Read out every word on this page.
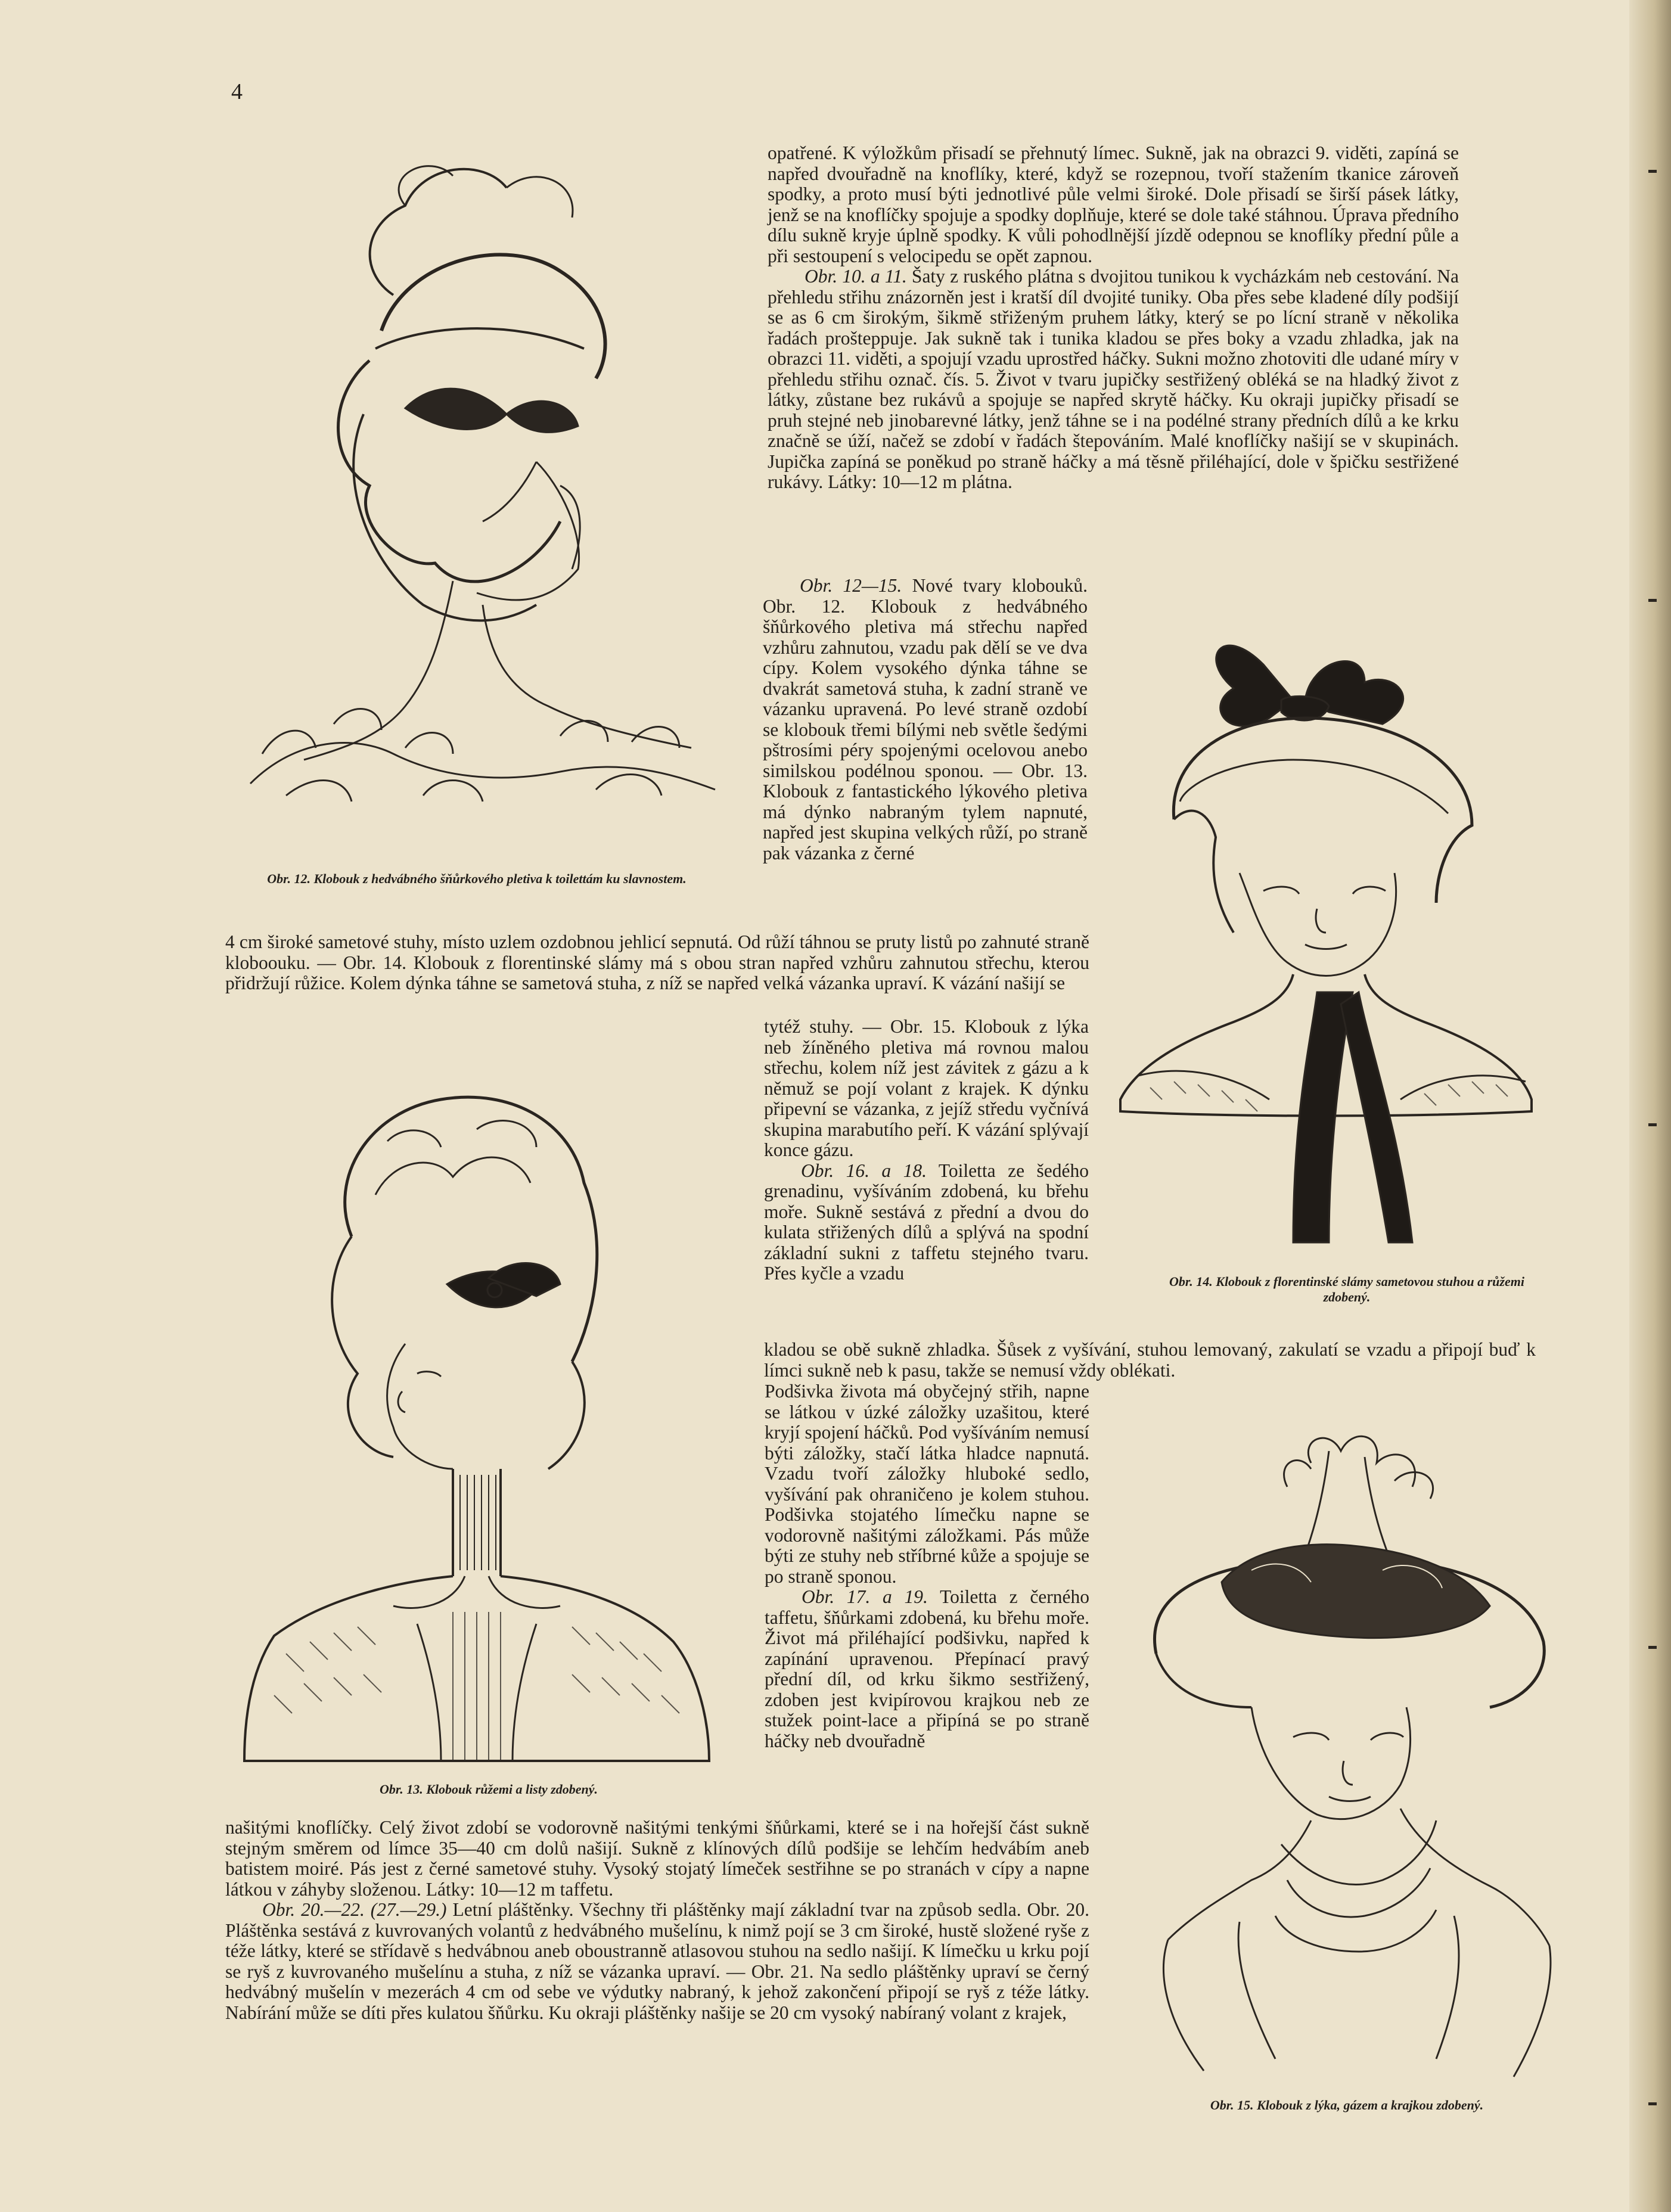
4
Obr. 12. Klobouk z hedvábného šňůrkového pletiva k toilettám ku slavnostem.
Obr. 14. Klobouk z florentinské slámy sametovou stuhou a růžemi zdobený.
Obr. 13. Klobouk růžemi a listy zdobený.
Obr. 15. Klobouk z lýka, gázem a krajkou zdobený.

opatřené. K výložkům přisadí se přehnutý límec. Sukně, jak na obrazci 9. viděti, zapíná se napřed dvouřadně na knoflíky, které, když se rozepnou, tvoří stažením tkanice zároveň spodky, a proto musí býti jednotlivé půle velmi široké. Dole přisadí se širší pásek látky, jenž se na knoflíčky spojuje a spodky doplňuje, které se dole také stáhnou. Úprava předního dílu sukně kryje úplně spodky. K vůli pohodlnější jízdě odepnou se knoflíky přední půle a při sestoupení s velocipedu se opět zapnou.

Obr. 10. a 11. Šaty z ruského plátna s dvojitou tunikou k vycházkám neb cestování. Na přehledu střihu znázorněn jest i kratší díl dvojité tuniky. Oba přes sebe kladené díly podšijí se as 6 cm širokým, šikmě střiženým pruhem látky, který se po lícní straně v několika řadách prošteppuje. Jak sukně tak i tunika kladou se přes boky a vzadu zhladka, jak na obrazci 11. viděti, a spojují vzadu uprostřed háčky. Sukni možno zhotoviti dle udané míry v přehledu střihu označ. čís. 5. Život v tvaru jupičky sestřižený obléká se na hladký život z látky, zůstane bez rukávů a spojuje se napřed skrytě háčky. Ku okraji jupičky přisadí se pruh stejné neb jinobarevné látky, jenž táhne se i na podélné strany předních dílů a ke krku značně se úží, načež se zdobí v řadách štepováním. Malé knoflíčky našijí se v skupinách. Jupička zapíná se poněkud po straně háčky a má těsně přiléhající, dole v špičku sestřižené rukávy. Látky: 10—12 m plátna.

Obr. 12—15. Nové tvary klobouků. Obr. 12. Klobouk z hedvábného šňůrkového pletiva má střechu napřed vzhůru zahnutou, vzadu pak dělí se ve dva cípy. Kolem vysokého dýnka táhne se dvakrát sametová stuha, k zadní straně ve vázanku upravená. Po levé straně ozdobí se klobouk třemi bílými neb světle šedými pštrosími péry spojenými ocelovou anebo similskou podélnou sponou. — Obr. 13. Klobouk z fantastického lýkového pletiva má dýnko nabraným tylem napnuté, napřed jest skupina velkých růží, po straně pak vázanka z černé

4 cm široké sametové stuhy, místo uzlem ozdobnou jehlicí sepnutá. Od růží táhnou se pruty listů po zahnuté straně kloboouku. — Obr. 14. Klobouk z florentinské slámy má s obou stran napřed vzhůru zahnutou střechu, kterou přidržují růžice. Kolem dýnka táhne se sametová stuha, z níž se napřed velká vázanka upraví. K vázání našijí se

tytéž stuhy. — Obr. 15. Klobouk z lýka neb žíněného pletiva má rovnou malou střechu, kolem níž jest závitek z gázu a k němuž se pojí volant z krajek. K dýnku připevní se vázanka, z jejíž středu vyčnívá skupina marabutího peří. K vázání splývají konce gázu.

Obr. 16. a 18. Toiletta ze šedého grenadinu, vyšíváním zdobená, ku břehu moře. Sukně sestává z přední a dvou do kulata střižených dílů a splývá na spodní základní sukni z taffetu stejného tvaru. Přes kyčle a vzadu

kladou se obě sukně zhladka. Šůsek z vyšívání, stuhou lemovaný, zakulatí se vzadu a připojí buď k límci sukně neb k pasu, takže se nemusí vždy oblékati.

Podšivka života má obyčejný střih, napne se látkou v úzké záložky uzašitou, které kryjí spojení háčků. Pod vyšíváním nemusí býti záložky, stačí látka hladce napnutá. Vzadu tvoří záložky hluboké sedlo, vyšívání pak ohraničeno je kolem stuhou. Podšivka stojatého límečku napne se vodorovně našitými záložkami. Pás může býti ze stuhy neb stříbrné kůže a spojuje se po straně sponou.

Obr. 17. a 19. Toiletta z černého taffetu, šňůrkami zdobená, ku břehu moře. Život má přiléhající podšivku, napřed k zapínání upravenou. Přepínací pravý přední díl, od krku šikmo sestřižený, zdoben jest kvipírovou krajkou neb ze stužek point-lace a připíná se po straně háčky neb dvouřadně

našitými knoflíčky. Celý život zdobí se vodorovně našitými tenkými šňůrkami, které se i na hořejší část sukně stejným směrem od límce 35—40 cm dolů našijí. Sukně z klínových dílů podšije se lehčím hedvábím aneb batistem moiré. Pás jest z černé sametové stuhy. Vysoký stojatý límeček sestřihne se po stranách v cípy a napne látkou v záhyby složenou. Látky: 10—12 m taffetu.

Obr. 20.—22. (27.—29.) Letní pláštěnky. Všechny tři pláštěnky mají základní tvar na způsob sedla. Obr. 20. Pláštěnka sestává z kuvrovaných volantů z hedvábného mušelínu, k nimž pojí se 3 cm široké, hustě složené ryše z téže látky, které se střídavě s hedvábnou aneb oboustranně atlasovou stuhou na sedlo našijí. K límečku u krku pojí se ryš z kuvrovaného mušelínu a stuha, z níž se vázanka upraví. — Obr. 21. Na sedlo pláštěnky upraví se černý hedvábný mušelín v mezerách 4 cm od sebe ve výdutky nabraný, k jehož zakončení připojí se ryš z téže látky. Nabírání může se díti přes kulatou šňůrku. Ku okraji pláštěnky našije se 20 cm vysoký nabíraný volant z krajek,
